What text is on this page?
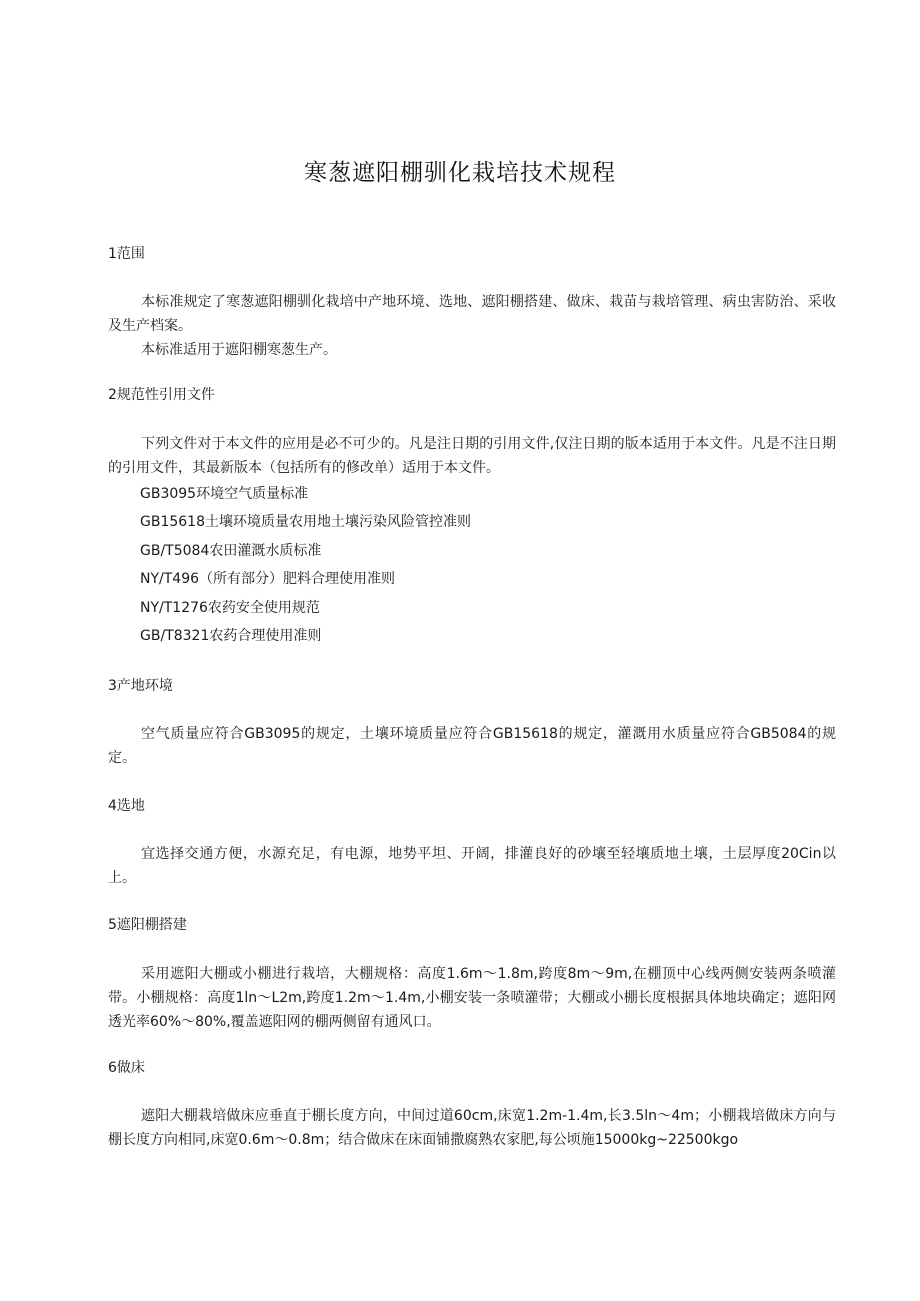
寒葱遮阳棚驯化栽培技术规程
1范围

本标准规定了寒葱遮阳棚驯化栽培中产地环境、选地、遮阳棚搭建、做床、栽苗与栽培管理、病虫害防治、采收及生产档案。

本标准适用于遮阳棚寒葱生产。

2规范性引用文件

下列文件对于本文件的应用是必不可少的。凡是注日期的引用文件,仅注日期的版本适用于本文件。凡是不注日期的引用文件，其最新版本（包括所有的修改单）适用于本文件。

GB3095环境空气质量标准
GB15618土壤环境质量农用地土壤污染风险管控准则
GB/T5084农田灌溉水质标准
NY/T496（所有部分）肥料合理使用准则
NY/T1276农药安全使用规范
GB/T8321农药合理使用准则
3产地环境

空气质量应符合GB3095的规定，土壤环境质量应符合GB15618的规定，灌溉用水质量应符合GB5084的规定。

4选地

宜选择交通方便，水源充足，有电源，地势平坦、开阔，排灌良好的砂壤至轻壤质地土壤，土层厚度20Cin以上。

5遮阳棚搭建

采用遮阳大棚或小棚进行栽培，大棚规格：高度1.6m～1.8m,跨度8m～9m,在棚顶中心线两侧安装两条喷灌带。小棚规格：高度1ln～L2m,跨度1.2m～1.4m,小棚安装一条喷灌带；大棚或小棚长度根据具体地块确定；遮阳网透光率60%～80%,覆盖遮阳网的棚两侧留有通风口。

6做床

遮阳大棚栽培做床应垂直于棚长度方向，中间过道60cm,床宽1.2m-1.4m,长3.5ln～4m；小棚栽培做床方向与棚长度方向相同,床宽0.6m～0.8m；结合做床在床面铺撒腐熟农家肥,每公顷施15000kg~22500kgo
